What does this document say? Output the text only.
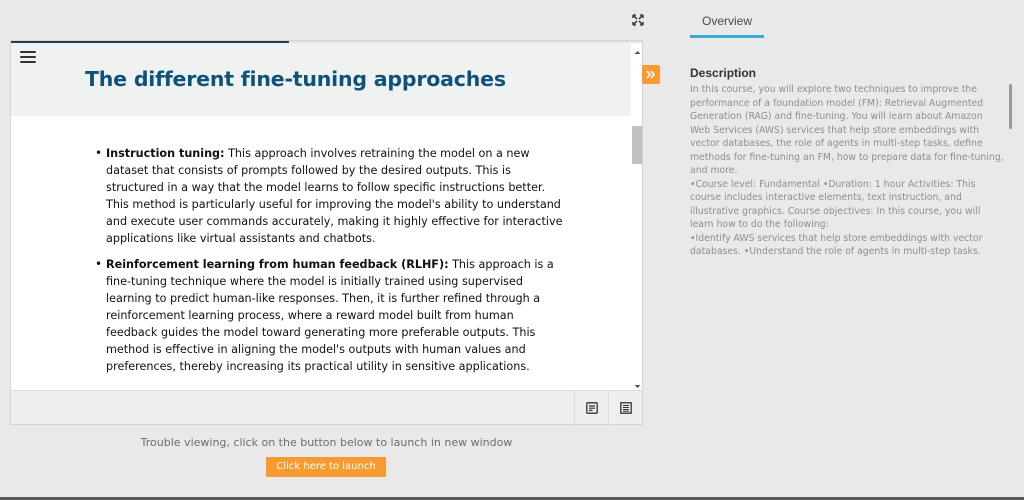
The different fine-tuning approaches
• Instruction tuning: This approach involves retraining the model on a new dataset that consists of prompts followed by the desired outputs. This is structured in a way that the model learns to follow specific instructions better. This method is particularly useful for improving the model's ability to understand and execute user commands accurately, making it highly effective for interactive applications like virtual assistants and chatbots.
• Reinforcement learning from human feedback (RLHF): This approach is a fine-tuning technique where the model is initially trained using supervised learning to predict human-like responses. Then, it is further refined through a reinforcement learning process, where a reward model built from human feedback guides the model toward generating more preferable outputs. This method is effective in aligning the model's outputs with human values and preferences, thereby increasing its practical utility in sensitive applications.
Trouble viewing, click on the button below to launch in new window
Click here to launch
Overview
Description
In this course, you will explore two techniques to improve the performance of a foundation model (FM): Retrieval Augmented Generation (RAG) and fine-tuning. You will learn about Amazon Web Services (AWS) services that help store embeddings with vector databases, the role of agents in multi-step tasks, define methods for fine-tuning an FM, how to prepare data for fine-tuning, and more.
•Course level: Fundamental •Duration: 1 hour Activities: This course includes interactive elements, text instruction, and illustrative graphics. Course objectives: In this course, you will learn how to do the following:
•Identify AWS services that help store embeddings with vector databases. •Understand the role of agents in multi-step tasks.
